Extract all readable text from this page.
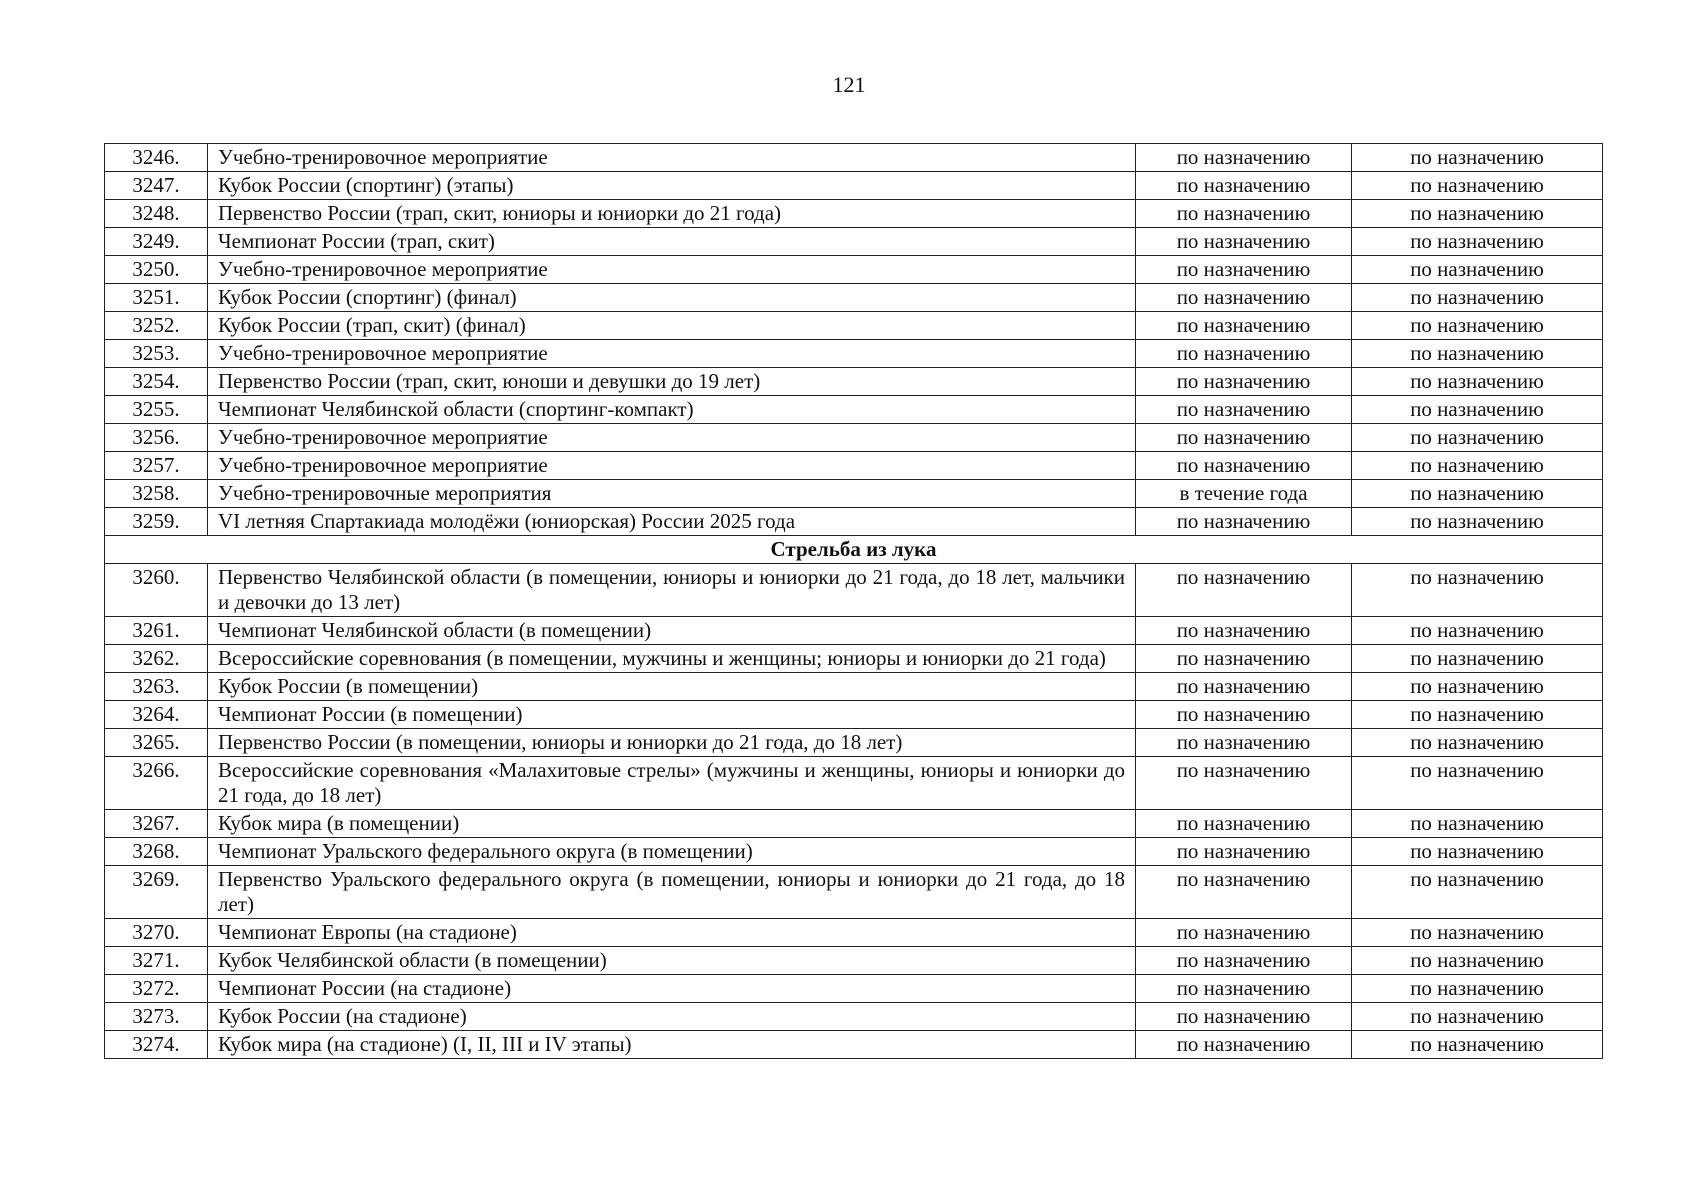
121
3246.	Учебно-тренировочное мероприятие	по назначению	по назначению
3247.	Кубок России (спортинг) (этапы)	по назначению	по назначению
3248.	Первенство России (трап, скит, юниоры и юниорки до 21 года)	по назначению	по назначению
3249.	Чемпионат России (трап, скит)	по назначению	по назначению
3250.	Учебно-тренировочное мероприятие	по назначению	по назначению
3251.	Кубок России (спортинг) (финал)	по назначению	по назначению
3252.	Кубок России (трап, скит) (финал)	по назначению	по назначению
3253.	Учебно-тренировочное мероприятие	по назначению	по назначению
3254.	Первенство России (трап, скит, юноши и девушки до 19 лет)	по назначению	по назначению
3255.	Чемпионат Челябинской области (спортинг-компакт)	по назначению	по назначению
3256.	Учебно-тренировочное мероприятие	по назначению	по назначению
3257.	Учебно-тренировочное мероприятие	по назначению	по назначению
3258.	Учебно-тренировочные мероприятия	в течение года	по назначению
3259.	VI летняя Спартакиада молодёжи (юниорская) России 2025 года	по назначению	по назначению
Стрельба из лука			
3260.	Первенство Челябинской области (в помещении, юниоры и юниорки до 21 года, до 18 лет, мальчики и девочки до 13 лет)	по назначению	по назначению
3261.	Чемпионат Челябинской области (в помещении)	по назначению	по назначению
3262.	Всероссийские соревнования (в помещении, мужчины и женщины; юниоры и юниорки до 21 года)	по назначению	по назначению
3263.	Кубок России (в помещении)	по назначению	по назначению
3264.	Чемпионат России (в помещении)	по назначению	по назначению
3265.	Первенство России (в помещении, юниоры и юниорки до 21 года, до 18 лет)	по назначению	по назначению
3266.	Всероссийские соревнования «Малахитовые стрелы» (мужчины и женщины, юниоры и юниорки до 21 года, до 18 лет)	по назначению	по назначению
3267.	Кубок мира (в помещении)	по назначению	по назначению
3268.	Чемпионат Уральского федерального округа (в помещении)	по назначению	по назначению
3269.	Первенство Уральского федерального округа (в помещении, юниоры и юниорки до 21 года, до 18 лет)	по назначению	по назначению
3270.	Чемпионат Европы (на стадионе)	по назначению	по назначению
3271.	Кубок Челябинской области (в помещении)	по назначению	по назначению
3272.	Чемпионат России (на стадионе)	по назначению	по назначению
3273.	Кубок России (на стадионе)	по назначению	по назначению
3274.	Кубок мира (на стадионе) (I, II, III и IV этапы)	по назначению	по назначению
